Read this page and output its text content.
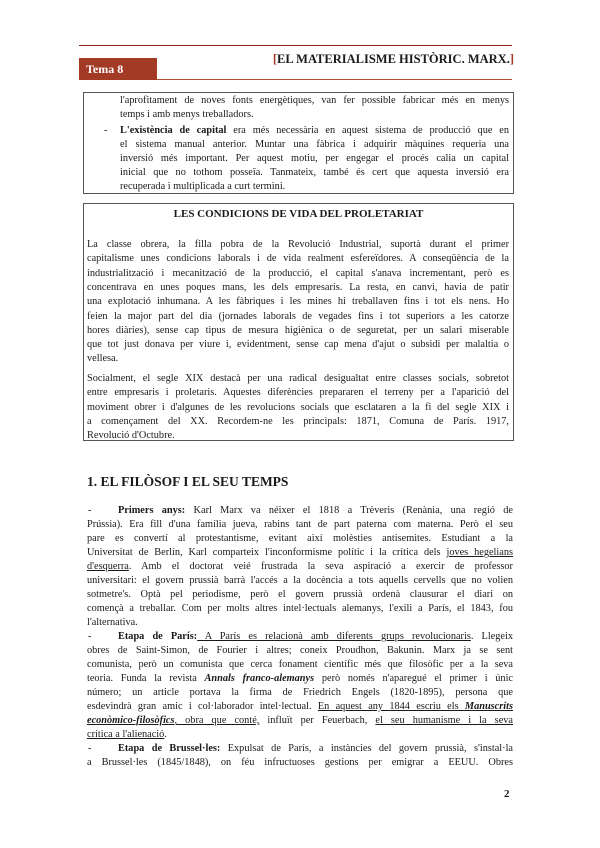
Tema 8
[EL MATERIALISME HISTÒRIC. MARX.]
l'aprofitament de noves fonts energètiques, van fer possible fabricar més en menys
temps i amb menys treballadors.
- L'existència de capital era més necessària en aquest sistema de producció que en
el sistema manual anterior. Muntar una fàbrica i adquirir màquines requeria una
inversió més important. Per aquest motiu, per engegar el procés calia un capital
inicial que no tothom posseïa. Tanmateix, també és cert que aquesta inversió era
recuperada i multiplicada a curt termini.
LES CONDICIONS DE VIDA DEL PROLETARIAT
La classe obrera, la filla pobra de la Revolució Industrial, suportà durant el primer
capitalisme unes condicions laborals i de vida realment esfereïdores. A conseqüència de la
industrialització i mecanització de la producció, el capital s'anava incrementant, però es
concentrava en unes poques mans, les dels empresaris. La resta, en canvi, havia de patir
una explotació inhumana. A les fàbriques i les mines hi treballaven fins i tot els nens. Ho
feien la major part del dia (jornades laborals de vegades fins i tot superiors a les catorze
hores diàries), sense cap tipus de mesura higiènica o de seguretat, per un salari miserable
que tot just donava per viure i, evidentment, sense cap mena d'ajut o subsidi per malaltia o
vellesa.
Socialment, el segle XIX destacà per una radical desigualtat entre classes socials, sobretot
entre empresaris i proletaris. Aquestes diferències prepararen el terreny per a l'aparició del
moviment obrer i d'algunes de les revolucions socials que esclataren a la fi del segle XIX i
a començament del XX. Recordem-ne les principals: 1871, Comuna de París. 1917,
Revolució d'Octubre.
1. EL FILÒSOF I EL SEU TEMPS
-	Primers anys: Karl Marx va néixer el 1818 a Trèveris (Renània, una regió de
Prússia). Era fill d'una família jueva, rabins tant de part paterna com materna. Però el seu
pare es convertí al protestantisme, evitant així molèsties antisemites. Estudiant a la
Universitat de Berlín, Karl comparteix l'inconformisme polític i la crítica dels joves hegelians
d'esquerra. Amb el doctorat veié frustrada la seva aspiració a exercir de professor
universitari: el govern prussià barrà l'accés a la docència a tots aquells cervells que no volien
sotmetre's. Optà pel periodisme, però el govern prussià ordenà clausurar el diari on
començà a treballar. Com per molts altres intel·lectuals alemanys, l'exili a París, el 1843, fou
l'alternativa.
-	Etapa de París: A París es relacionà amb diferents grups revolucionaris. Llegeix
obres de Saint-Simon, de Fourier i altres; coneix Proudhon, Bakunin. Marx ja se sent
comunista, però un comunista que cerca fonament científic més que filosòfic per a la seva
teoria. Funda la revista Annals franco-alemanys però només n'aparegué el primer i únic
número; un article portava la firma de Friedrich Engels (1820-1895), persona que
esdevindrà gran amic i col·laborador intel·lectual. En aquest any 1844 escriu els Manuscrits
econòmico-filosòfics, obra que conté, influït per Feuerbach, el seu humanisme i la seva
crítica a l'alienació.
-	Etapa de Brussel·les: Expulsat de París, a instàncies del govern prussià, s'instal·la
a Brussel·les (1845/1848), on féu infructuoses gestions per emigrar a EEUU. Obres
2
